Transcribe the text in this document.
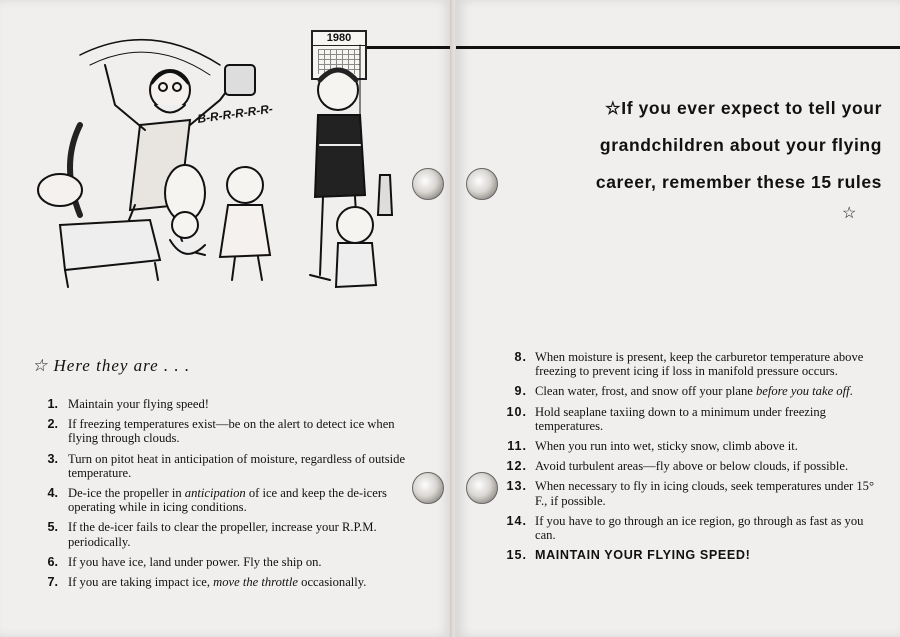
1980
B-R-R-R-R-R-
☆ Here they are . . .
1. Maintain your flying speed!
2. If freezing temperatures exist—be on the alert to detect ice when flying through clouds.
3. Turn on pitot heat in anticipation of moisture, regardless of outside temperature.
4. De-ice the propeller in anticipation of ice and keep the de-icers operating while in icing conditions.
5. If the de-icer fails to clear the propeller, increase your R.P.M. periodically.
6. If you have ice, land under power. Fly the ship on.
7. If you are taking impact ice, move the throttle occasionally.
☆If you ever expect to tell your
grandchildren about your flying
career, remember these 15 rules
☆
8. When moisture is present, keep the carburetor temperature above freezing to prevent icing if loss in manifold pressure occurs.
9. Clean water, frost, and snow off your plane before you take off.
10. Hold seaplane taxiing down to a minimum under freezing temperatures.
11. When you run into wet, sticky snow, climb above it.
12. Avoid turbulent areas—fly above or below clouds, if possible.
13. When necessary to fly in icing clouds, seek temperatures under 15° F., if possible.
14. If you have to go through an ice region, go through as fast as you can.
15. MAINTAIN YOUR FLYING SPEED!
